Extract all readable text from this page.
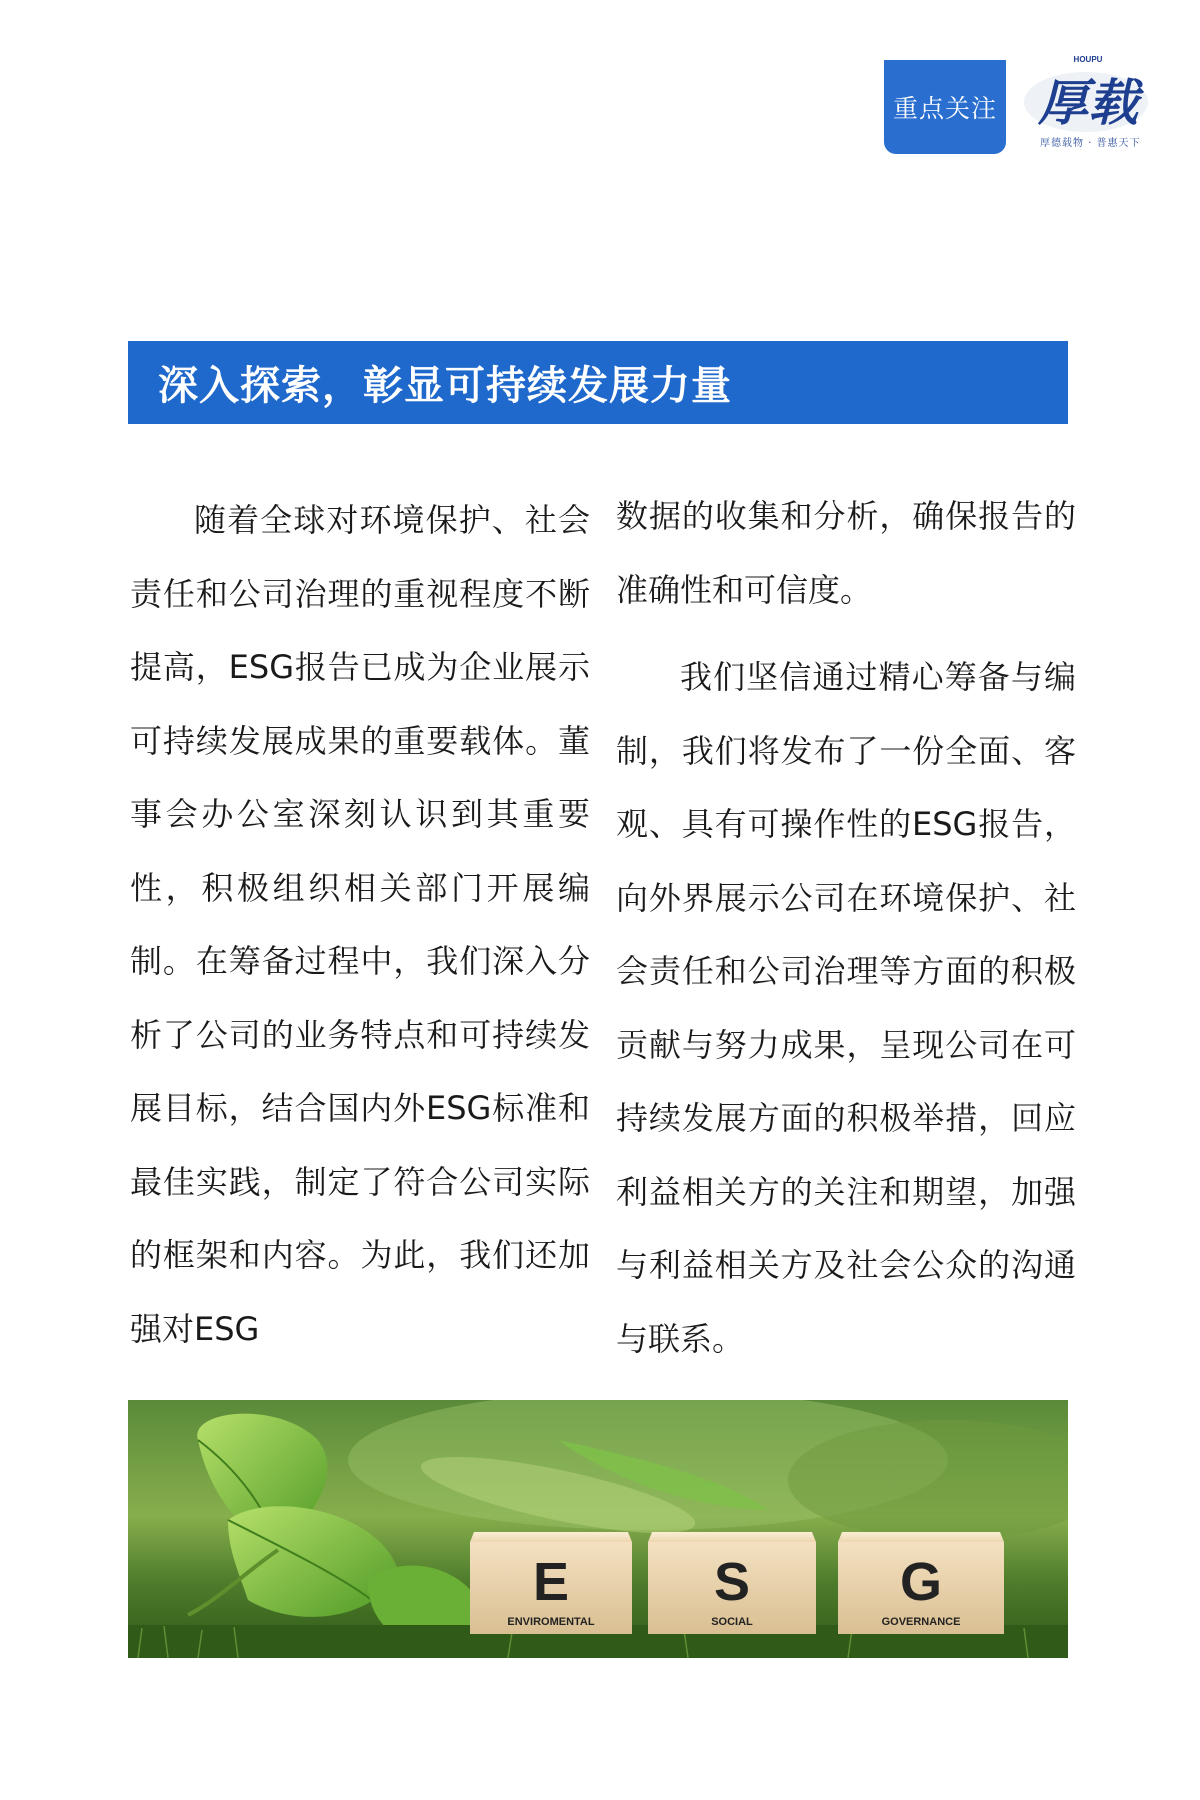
重点关注
HOUPU
厚载
厚德载物 · 普惠天下
深入探索，彰显可持续发展力量

随着全球对环境保护、社会责任和公司治理的重视程度不断提高，ESG报告已成为企业展示可持续发展成果的重要载体。董事会办公室深刻认识到其重要性，积极组织相关部门开展编制。在筹备过程中，我们深入分析了公司的业务特点和可持续发展目标，结合国内外ESG标准和最佳实践，制定了符合公司实际的框架和内容。为此，我们还加强对ESG

数据的收集和分析，确保报告的准确性和可信度。

我们坚信通过精心筹备与编制，我们将发布了一份全面、客观、具有可操作性的ESG报告，向外界展示公司在环境保护、社会责任和公司治理等方面的积极贡献与努力成果，呈现公司在可持续发展方面的积极举措，回应利益相关方的关注和期望，加强与利益相关方及社会公众的沟通与联系。

E
ENVIROMENTAL
S
SOCIAL
G
GOVERNANCE
